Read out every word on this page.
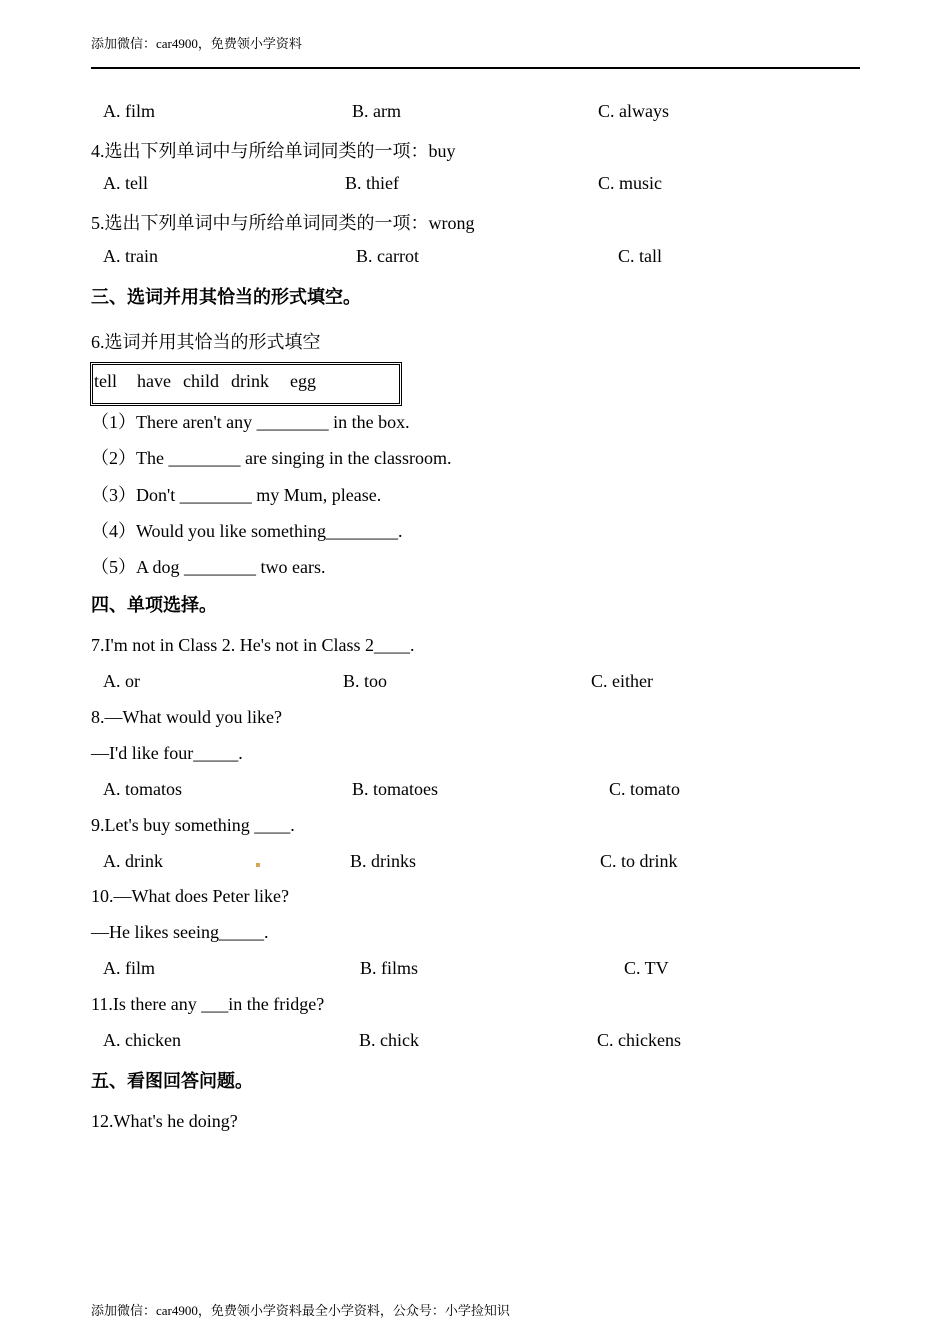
添加微信：car4900，免费领小学资料
A. film	B. arm	C. always
4.选出下列单词中与所给单词同类的一项：buy
A. tell	B. thief	C. music
5.选出下列单词中与所给单词同类的一项：wrong
A. train	B. carrot	C. tall
三、选词并用其恰当的形式填空。
6.选词并用其恰当的形式填空
tell have child drink egg
（1）There aren't any ________ in the box.
（2）The ________ are singing in the classroom.
（3）Don't ________ my Mum, please.
（4）Would you like something________.
（5）A dog ________ two ears.
四、单项选择。
7.I'm not in Class 2. He's not in Class 2____.
A. or	B. too	C. either
8.—What would you like?
—I'd like four_____.
A. tomatos	B. tomatoes	C. tomato
9.Let's buy something ____.
A. drink	B. drinks	C. to drink
10.—What does Peter like?
—He likes seeing_____.
A. film	B. films	C. TV
11.Is there any ___in the fridge?
A. chicken	B. chick	C. chickens
五、看图回答问题。
12.What's he doing?
添加微信：car4900，免费领小学资料最全小学资料，公众号：小学捡知识
